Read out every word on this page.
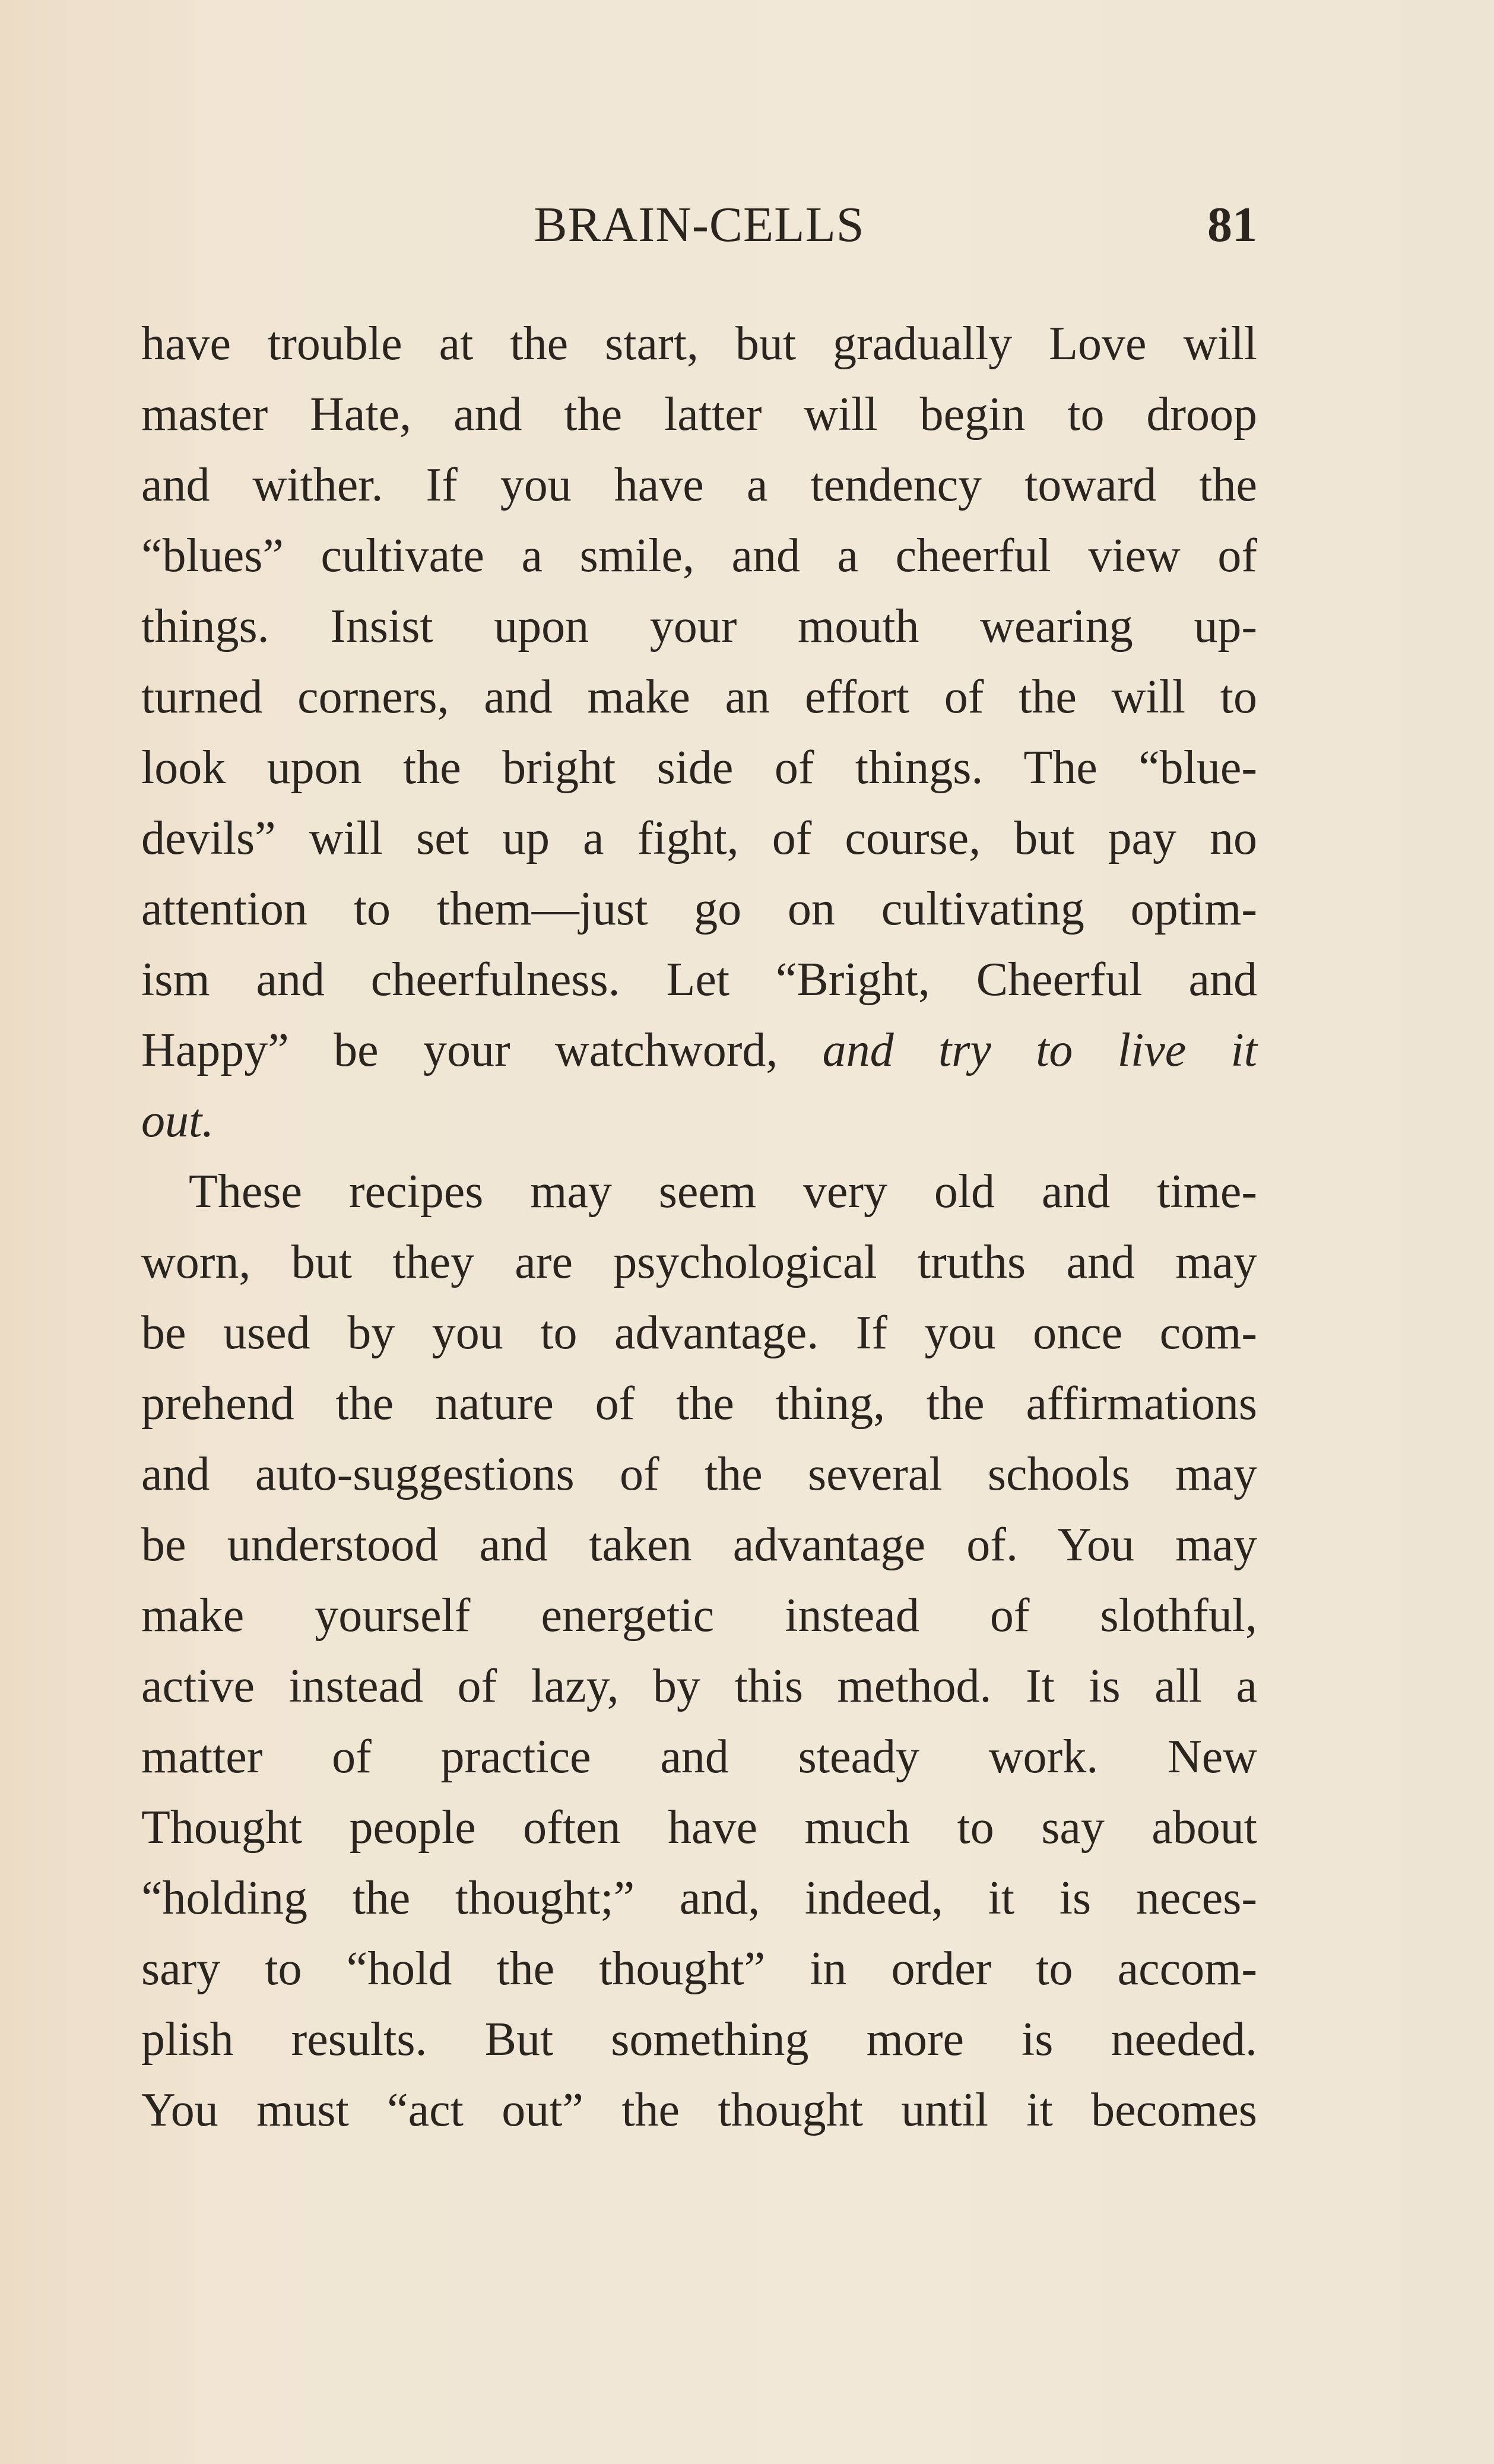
BRAIN-CELLS	81
have trouble at the start, but gradually Love will
master Hate, and the latter will begin to droop
and wither. If you have a tendency toward the
“blues” cultivate a smile, and a cheerful view of
things. Insist upon your mouth wearing up-
turned corners, and make an effort of the will to
look upon the bright side of things. The “blue-
devils” will set up a fight, of course, but pay no
attention to them—just go on cultivating optim-
ism and cheerfulness. Let “Bright, Cheerful and
Happy” be your watchword, and try to live it
out.
These recipes may seem very old and time-
worn, but they are psychological truths and may
be used by you to advantage. If you once com-
prehend the nature of the thing, the affirmations
and auto-suggestions of the several schools may
be understood and taken advantage of. You may
make yourself energetic instead of slothful,
active instead of lazy, by this method. It is all a
matter of practice and steady work. New
Thought people often have much to say about
“holding the thought;” and, indeed, it is neces-
sary to “hold the thought” in order to accom-
plish results. But something more is needed.
You must “act out” the thought until it becomes
